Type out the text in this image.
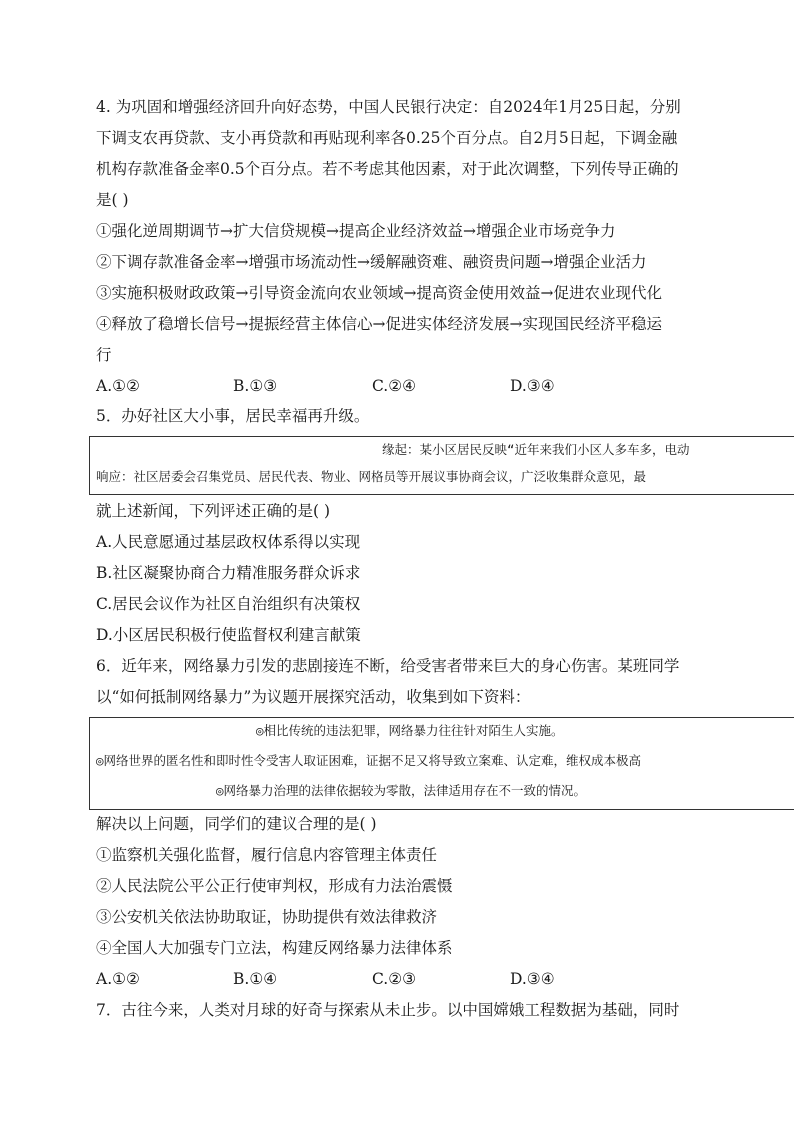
4. 为巩固和增强经济回升向好态势，中国人民银行决定：自2024年1月25日起，分别
下调支农再贷款、支小再贷款和再贴现利率各0.25个百分点。自2月5日起，下调金融
机构存款准备金率0.5个百分点。若不考虑其他因素，对于此次调整，下列传导正确的
是( )
①强化逆周期调节→扩大信贷规模→提高企业经济效益→增强企业市场竞争力
②下调存款准备金率→增强市场流动性→缓解融资难、融资贵问题→增强企业活力
③实施积极财政政策→引导资金流向农业领域→提高资金使用效益→促进农业现代化
④释放了稳增长信号→提振经营主体信心→促进实体经济发展→实现国民经济平稳运
行
A.①②	B.①③	C.②④	D.③④
5．办好社区大小事，居民幸福再升级。
缘起：某小区居民反映“近年来我们小区人多车多，电动
响应：社区居委会召集党员、居民代表、物业、网格员等开展议事协商会议，广泛收集群众意见，最
就上述新闻，下列评述正确的是( )
A.人民意愿通过基层政权体系得以实现
B.社区凝聚协商合力精准服务群众诉求
C.居民会议作为社区自治组织有决策权
D.小区居民积极行使监督权利建言献策
6．近年来，网络暴力引发的悲剧接连不断，给受害者带来巨大的身心伤害。某班同学
以“如何抵制网络暴力”为议题开展探究活动，收集到如下资料：
◎相比传统的违法犯罪，网络暴力往往针对陌生人实施。
◎网络世界的匿名性和即时性令受害人取证困难，证据不足又将导致立案难、认定难，维权成本极高
◎网络暴力治理的法律依据较为零散，法律适用存在不一致的情况。
解决以上问题，同学们的建议合理的是( )
①监察机关强化监督，履行信息内容管理主体责任
②人民法院公平公正行使审判权，形成有力法治震慑
③公安机关依法协助取证，协助提供有效法律救济
④全国人大加强专门立法，构建反网络暴力法律体系
A.①②	B.①④	C.②③	D.③④
7．古往今来，人类对月球的好奇与探索从未止步。以中国嫦娥工程数据为基础，同时
